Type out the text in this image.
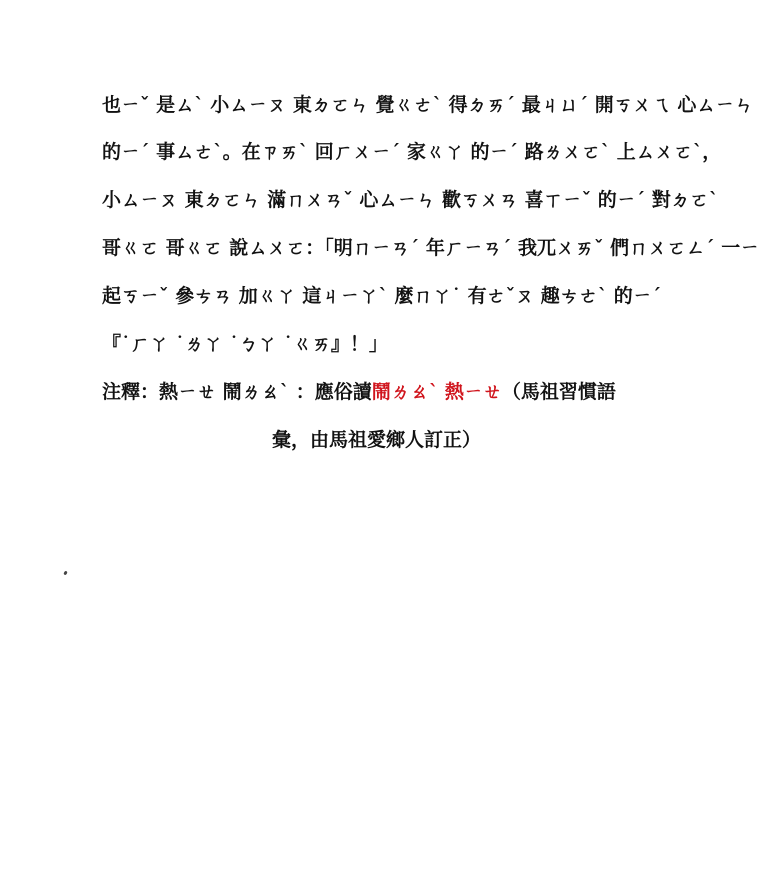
也ㄧˇ 是ㄙˋ 小ㄙㄧㄡ 東ㄉㄛㄣ 覺ㄍㄜˋ 得ㄉㄞˊ 最ㄐㄩˊ 開ㄎㄨㄟ 心ㄙㄧㄣ
的ㄧˊ 事ㄙㄜˋ。在ㄗㄞˋ 回ㄏㄨㄧˊ 家ㄍㄚ 的ㄧˊ 路ㄌㄨㄛˋ 上ㄙㄨㄛˋ，
小ㄙㄧㄡ 東ㄉㄛㄣ 滿ㄇㄨㄢˇ 心ㄙㄧㄣ 歡ㄎㄨㄢ 喜ㄒㄧˇ 的ㄧˊ 對ㄉㄛˋ
哥ㄍㄛ 哥ㄍㄛ 說ㄙㄨㄛ：「明ㄇㄧㄢˊ 年ㄏㄧㄢˊ 我ㄫㄨㄞˇ 們ㄇㄨㄛㄥˊ 一ㄧ
起ㄎㄧˇ 參ㄘㄢ 加ㄍㄚ 這ㄐㄧㄚˋ 麼ㄇㄚ˙ 有ㄜˇㄡ 趣ㄘㄜˋ 的ㄧˊ
『˙ㄏㄚ ˙ㄌㄚ ˙ㄅㄚ ˙ㄍㄞ』！」
注釋：熱ㄧㄝ 鬧ㄌㄠˋ ：應俗讀鬧ㄌㄠˋ 熱ㄧㄝ（馬祖習慣語
彙，由馬祖愛鄉人訂正）
